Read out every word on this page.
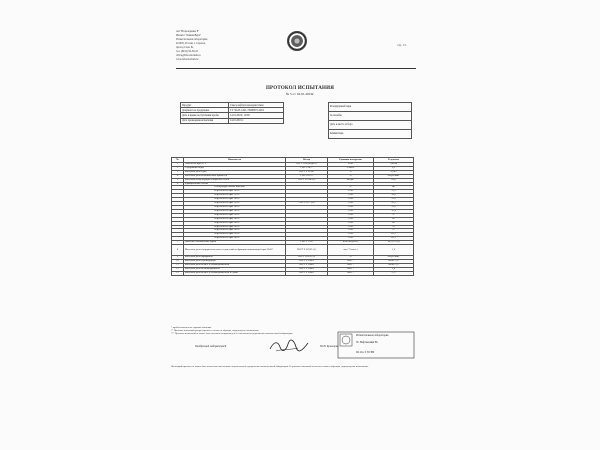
АО "Возрождение Р"
Филиал "Химия-Верх"
Испытательная лаборатория
410005, Россия, г. Саратов,
проезд Слав. 8а
тел. (8452) 92-56-22
office@laboratorium.ru
www.laboratorium.ru
стр. 1/1
ПРОТОКОЛ ИСПЫТАНИЯ
№ 5 от 16.01.2019г.
Продукт	Смесь нефтегазоконденсатная
Документ на продукцию	ТУ 39.28.1-041-70086872-2016
Дата и время поступления пробы	14.01.2019г. 10:00
Дата проведения испытания	14.01.2019 г.
Резервуарный парк
№ пломбы
Дата и место отбора
Климатпарк
№	Показатель	Метод	Единица измерения	Результат
1	Плотность при 20°С	ГОСТ 3900 раздел 1	г/см³	0,8184
2	Содержание воды	ГОСТ 2477	% масс.	0,5
3	Массовая доля серы	ГОСТ Р 51947	%	0,063
4	Массовая доля механических примесей	ГОСТ 6370	%	отсутствие
5	Массовая концентрация хлористых солей	ГОСТ 21534 (А)	мг/дм³	83,6
6	Фракционный состав:			
	Температура начала кипения		°С	46
	Перегоняется при 100°С		% об.	11,5
	Перегоняется при 120°С		% об.	18,8
	Перегоняется при 140°С		% об.	25,0
	Перегоняется при 150°С	ГОСТ 2177 (Б)	% об.	29,5
	Перегоняется при 160°С		% об.	31,0
	Перегоняется при 180°С		% об.	35,4
	Перегоняется при 200°С		% об.	37
	Перегоняется при 240°С		% об.	42
	Перегоняется при 260°С		% об.	45
	Перегоняется при 280°С		% об.	51
	Перегоняется при 300°С		% об.	57
	Перегоняется при 320°С		% об.	63,5
	Перегоняется при 340°С		% об.	69,5
7	Давление насыщенных паров	ГОСТ 1756	кПа (мм рт.ст)	34,3 (279,8)
8	Массовая доля хлорорганических соединений во фракции выкипающей при 204°С	ГОСТ Р 52247 (А)	млн⁻¹ (мкг/г)	1,0
9	Массовая доля парафинов	ГОСТ 11851 (А)	%	отсутствие
10	Массовая доля сероводорода	ГОСТ Р 50802	млн⁻¹	менее 2,0
11	Массовая доля метил- и этилмеркаптанов	ГОСТ Р 50802	млн⁻¹	менее 2,0
12	Массовая доля метилмеркаптана	ГОСТ Р 50802	млн⁻¹	9,6
13	Массовая доля метил- и этилмеркаптанов в сумме	ГОСТ Р 50802	млн⁻¹	11,1
* пробы испытаны по заданию заказчика.
** Протокол испытаний распространяется только на образцы, подвергнутые испытаниям.
*** Протокол испытаний не может быть частично воспроизведен без письменного разрешения испытательной лаборатории.
Заведующий лабораторией	Ю.Н. Кузнецова
Испытательная лаборатория
ЗС Нефтехимия Вэ
Ш. Ол. S 56 380
Настоящий протокол не может быть полностью или частично перепечатан без разрешения испытательной лаборатории. Результаты испытаний относятся только к образцам, подвергнутым испытаниям.
